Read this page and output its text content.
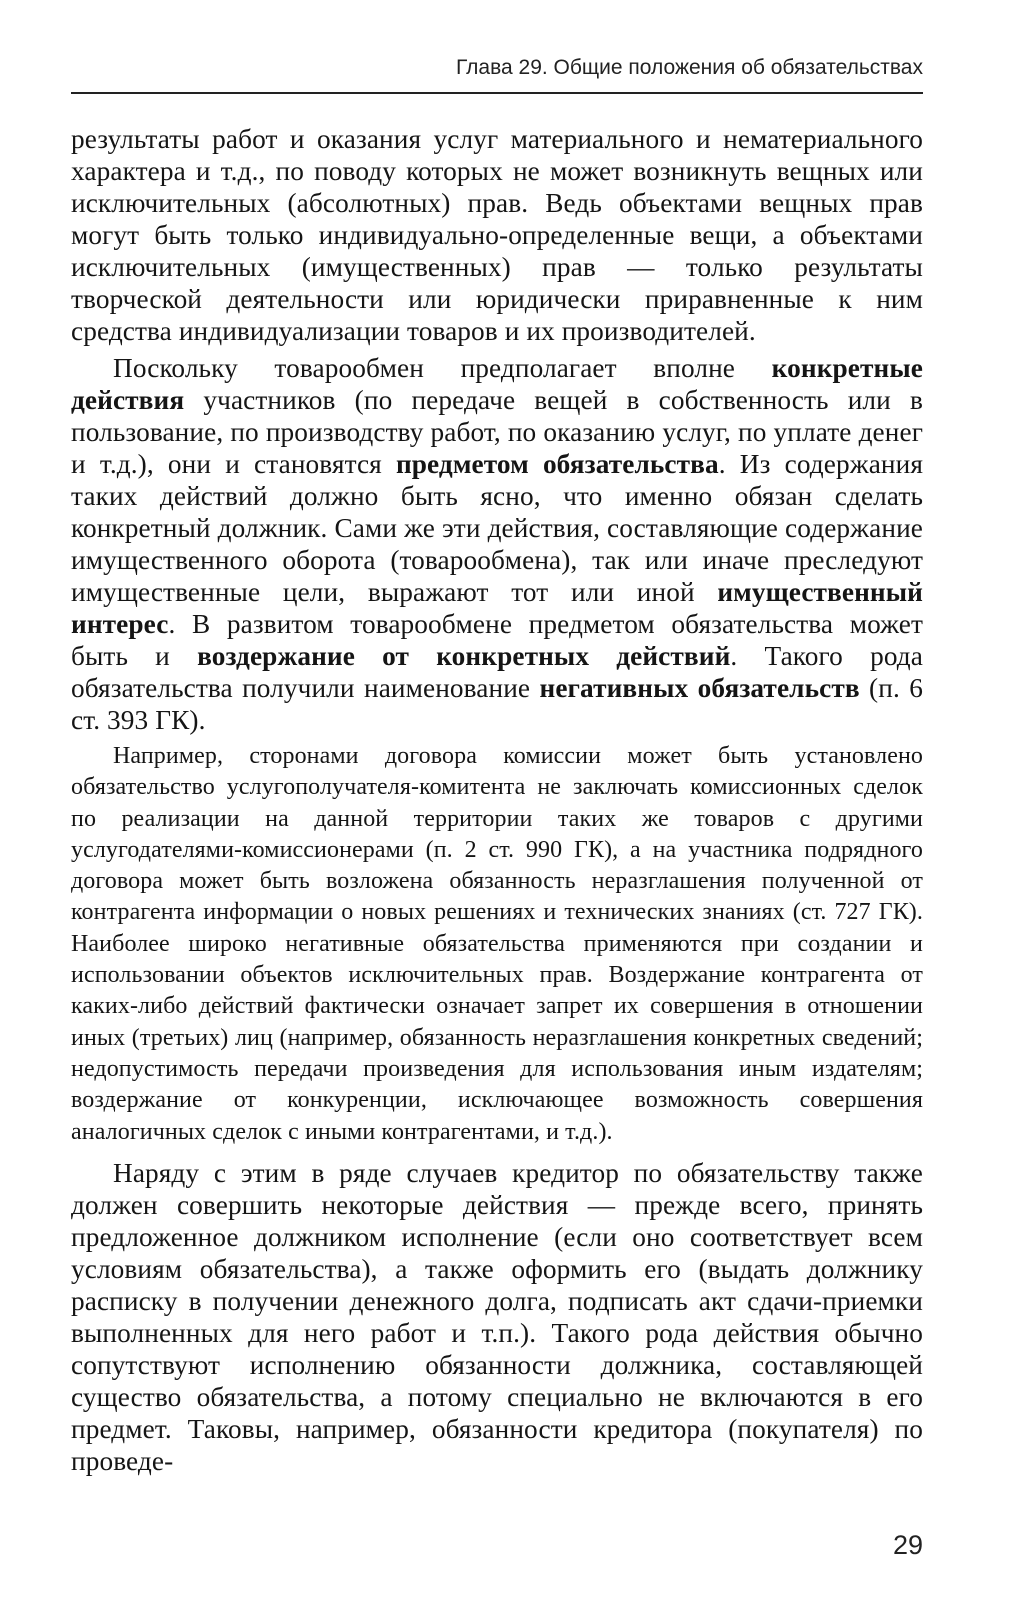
Глава 29. Общие положения об обязательствах

результаты работ и оказания услуг материального и нематериального характера и т.д., по поводу которых не может возникнуть вещных или исключительных (абсолютных) прав. Ведь объектами вещных прав могут быть только индивидуально-определенные вещи, а объектами исключительных (имущественных) прав — только результаты творческой деятельности или юридически приравненные к ним средства индивидуализации товаров и их производителей.

Поскольку товарообмен предполагает вполне конкретные действия участников (по передаче вещей в собственность или в пользование, по производству работ, по оказанию услуг, по уплате денег и т.д.), они и становятся предметом обязательства. Из содержания таких действий должно быть ясно, что именно обязан сделать конкретный должник. Сами же эти действия, составляющие содержание имущественного оборота (товарообмена), так или иначе преследуют имущественные цели, выражают тот или иной имущественный интерес. В развитом товарообмене предметом обязательства может быть и воздержание от конкретных действий. Такого рода обязательства получили наименование негативных обязательств (п. 6 ст. 393 ГК).

Например, сторонами договора комиссии может быть установлено обязательство услугополучателя-комитента не заключать комиссионных сделок по реализации на данной территории таких же товаров с другими услугодателями-комиссионерами (п. 2 ст. 990 ГК), а на участника подрядного договора может быть возложена обязанность неразглашения полученной от контрагента информации о новых решениях и технических знаниях (ст. 727 ГК). Наиболее широко негативные обязательства применяются при создании и использовании объектов исключительных прав. Воздержание контрагента от каких-либо действий фактически означает запрет их совершения в отношении иных (третьих) лиц (например, обязанность неразглашения конкретных сведений; недопустимость передачи произведения для использования иным издателям; воздержание от конкуренции, исключающее возможность совершения аналогичных сделок с иными контрагентами, и т.д.).

Наряду с этим в ряде случаев кредитор по обязательству также должен совершить некоторые действия — прежде всего, принять предложенное должником исполнение (если оно соответствует всем условиям обязательства), а также оформить его (выдать должнику расписку в получении денежного долга, подписать акт сдачи-приемки выполненных для него работ и т.п.). Такого рода действия обычно сопутствуют исполнению обязанности должника, составляющей существо обязательства, а потому специально не включаются в его предмет. Таковы, например, обязанности кредитора (покупателя) по проведе-

29
